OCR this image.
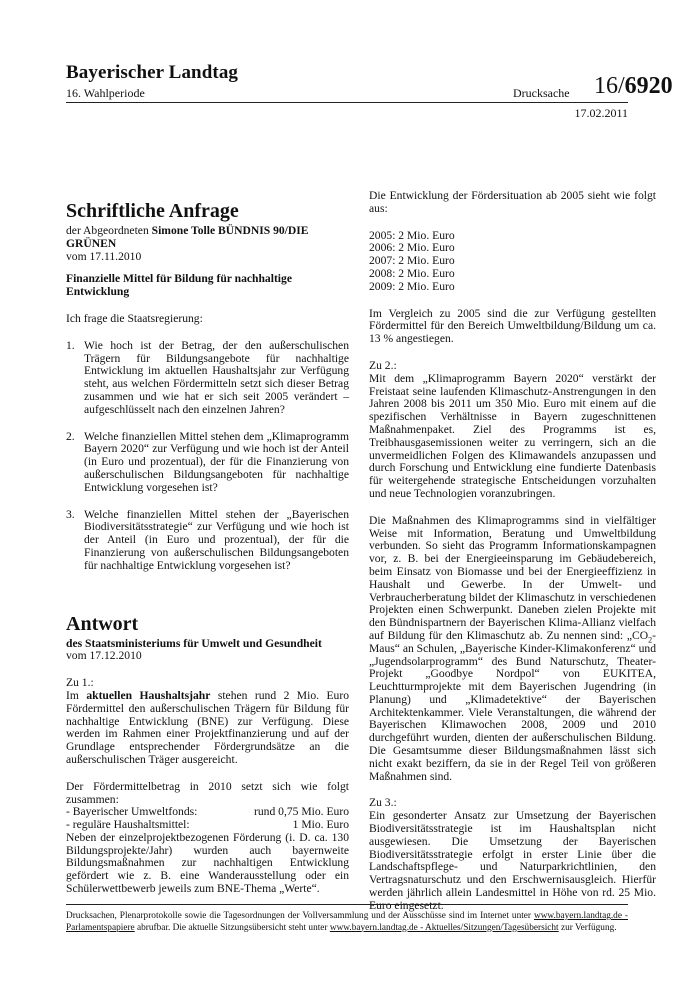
Bayerischer Landtag
16. Wahlperiode	Drucksache 16/6920
17.02.2011

Schriftliche Anfrage

der Abgeordneten Simone Tolle BÜNDNIS 90/DIE GRÜNEN

vom 17.11.2010

Finanzielle Mittel für Bildung für nachhaltige Entwicklung

Ich frage die Staatsregierung:

1. Wie hoch ist der Betrag, der den außerschulischen Trägern für Bildungsangebote für nachhaltige Entwicklung im aktuellen Haushaltsjahr zur Verfügung steht, aus welchen Fördermitteln setzt sich dieser Betrag zusammen und wie hat er sich seit 2005 verändert – aufgeschlüsselt nach den einzelnen Jahren?
2. Welche finanziellen Mittel stehen dem „Klimaprogramm Bayern 2020“ zur Verfügung und wie hoch ist der Anteil (in Euro und prozentual), der für die Finanzierung von außerschulischen Bildungsangeboten für nachhaltige Entwicklung vorgesehen ist?
3. Welche finanziellen Mittel stehen der „Bayerischen Biodiversitätsstrategie“ zur Verfügung und wie hoch ist der Anteil (in Euro und prozentual), der für die Finanzierung von außerschulischen Bildungsangeboten für nachhaltige Entwicklung vorgesehen ist?

Antwort

des Staatsministeriums für Umwelt und Gesundheit

vom 17.12.2010

Zu 1.:

Im aktuellen Haushaltsjahr stehen rund 2 Mio. Euro Fördermittel den außerschulischen Trägern für Bildung für nachhaltige Entwicklung (BNE) zur Verfügung. Diese werden im Rahmen einer Projektfinanzierung und auf der Grundlage entsprechender Fördergrundsätze an die außerschulischen Träger ausgereicht.

Der Fördermittelbetrag in 2010 setzt sich wie folgt zusammen:

- Bayerischer Umweltfonds:	rund 0,75 Mio. Euro
- reguläre Haushaltsmittel:	1 Mio. Euro

Neben der einzelprojektbezogenen Förderung (i. D. ca. 130 Bildungsprojekte/Jahr) wurden auch bayernweite Bildungsmaßnahmen zur nachhaltigen Entwicklung gefördert wie z. B. eine Wanderausstellung oder ein Schülerwettbewerb jeweils zum BNE-Thema „Werte“.

Die Entwicklung der Fördersituation ab 2005 sieht wie folgt aus:

2005: 2 Mio. Euro

2006: 2 Mio. Euro

2007: 2 Mio. Euro

2008: 2 Mio. Euro

2009: 2 Mio. Euro

Im Vergleich zu 2005 sind die zur Verfügung gestellten Fördermittel für den Bereich Umweltbildung/Bildung um ca. 13 % angestiegen.

Zu 2.:

Mit dem „Klimaprogramm Bayern 2020“ verstärkt der Freistaat seine laufenden Klimaschutz-Anstrengungen in den Jahren 2008 bis 2011 um 350 Mio. Euro mit einem auf die spezifischen Verhältnisse in Bayern zugeschnittenen Maßnahmenpaket. Ziel des Programms ist es, Treibhausgasemissionen weiter zu verringern, sich an die unvermeidlichen Folgen des Klimawandels anzupassen und durch Forschung und Entwicklung eine fundierte Datenbasis für weitergehende strategische Entscheidungen vorzuhalten und neue Technologien voranzubringen.

Die Maßnahmen des Klimaprogramms sind in vielfältiger Weise mit Information, Beratung und Umweltbildung verbunden. So sieht das Programm Informationskampagnen vor, z. B. bei der Energieeinsparung im Gebäudebereich, beim Einsatz von Biomasse und bei der Energieeffizienz in Haushalt und Gewerbe. In der Umwelt- und Verbraucherberatung bildet der Klimaschutz in verschiedenen Projekten einen Schwerpunkt. Daneben zielen Projekte mit den Bündnispartnern der Bayerischen Klima-Allianz vielfach auf Bildung für den Klimaschutz ab. Zu nennen sind: $„CO_2-Maus“$ an Schulen, „Bayerische Kinder-Klimakonferenz“ und „Jugendsolarprogramm“ des Bund Naturschutz, Theater-Projekt „Goodbye Nordpol“ von EUKITEA, Leuchtturmprojekte mit dem Bayerischen Jugendring (in Planung) und „Klimadetektive“ der Bayerischen Architektenkammer. Viele Veranstaltungen, die während der Bayerischen Klimawochen 2008, 2009 und 2010 durchgeführt wurden, dienten der außerschulischen Bildung. Die Gesamtsumme dieser Bildungsmaßnahmen lässt sich nicht exakt beziffern, da sie in der Regel Teil von größeren Maßnahmen sind.

Zu 3.:

Ein gesonderter Ansatz zur Umsetzung der Bayerischen Biodiversitätsstrategie ist im Haushaltsplan nicht ausgewiesen. Die Umsetzung der Bayerischen Biodiversitätsstrategie erfolgt in erster Linie über die Landschaftspflege- und Naturparkrichtlinien, den Vertragsnaturschutz und den Erschwernisausgleich. Hierfür werden jährlich allein Landesmittel in Höhe von rd. 25 Mio. Euro eingesetzt.

Drucksachen, Plenarprotokolle sowie die Tagesordnungen der Vollversammlung und der Ausschüsse sind im Internet unter www.bayern.landtag.de - Parlamentspapiere abrufbar. Die aktuelle Sitzungsübersicht steht unter www.bayern.landtag.de - Aktuelles/Sitzungen/Tagesübersicht zur Verfügung.
